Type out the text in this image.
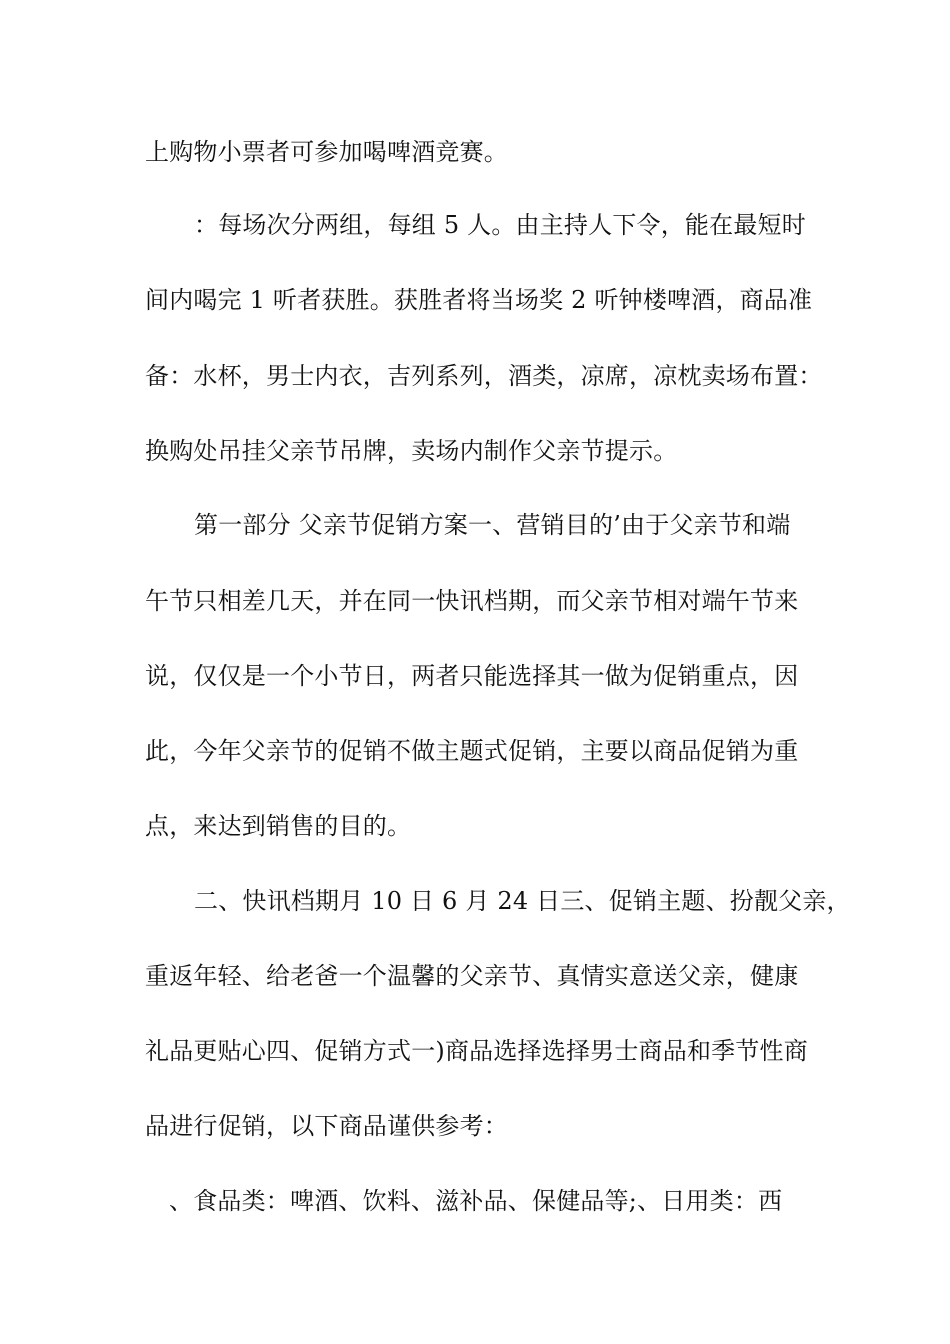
上购物小票者可参加喝啤酒竞赛。
：每场次分两组，每组 5 人。由主持人下令，能在最短时
间内喝完 1 听者获胜。获胜者将当场奖 2 听钟楼啤酒，商品准
备：水杯，男士内衣，吉列系列，酒类，凉席，凉枕卖场布置：
换购处吊挂父亲节吊牌，卖场内制作父亲节提示。
第一部分 父亲节促销方案一、营销目的’由于父亲节和端
午节只相差几天，并在同一快讯档期，而父亲节相对端午节来
说，仅仅是一个小节日，两者只能选择其一做为促销重点，因
此，今年父亲节的促销不做主题式促销，主要以商品促销为重
点，来达到销售的目的。
二、快讯档期月 10 日 6 月 24 日三、促销主题、扮靓父亲，
重返年轻、给老爸一个温馨的父亲节、真情实意送父亲，健康
礼品更贴心四、促销方式一)商品选择选择男士商品和季节性商
品进行促销，以下商品谨供参考：
、食品类：啤酒、饮料、滋补品、保健品等;、日用类：西
